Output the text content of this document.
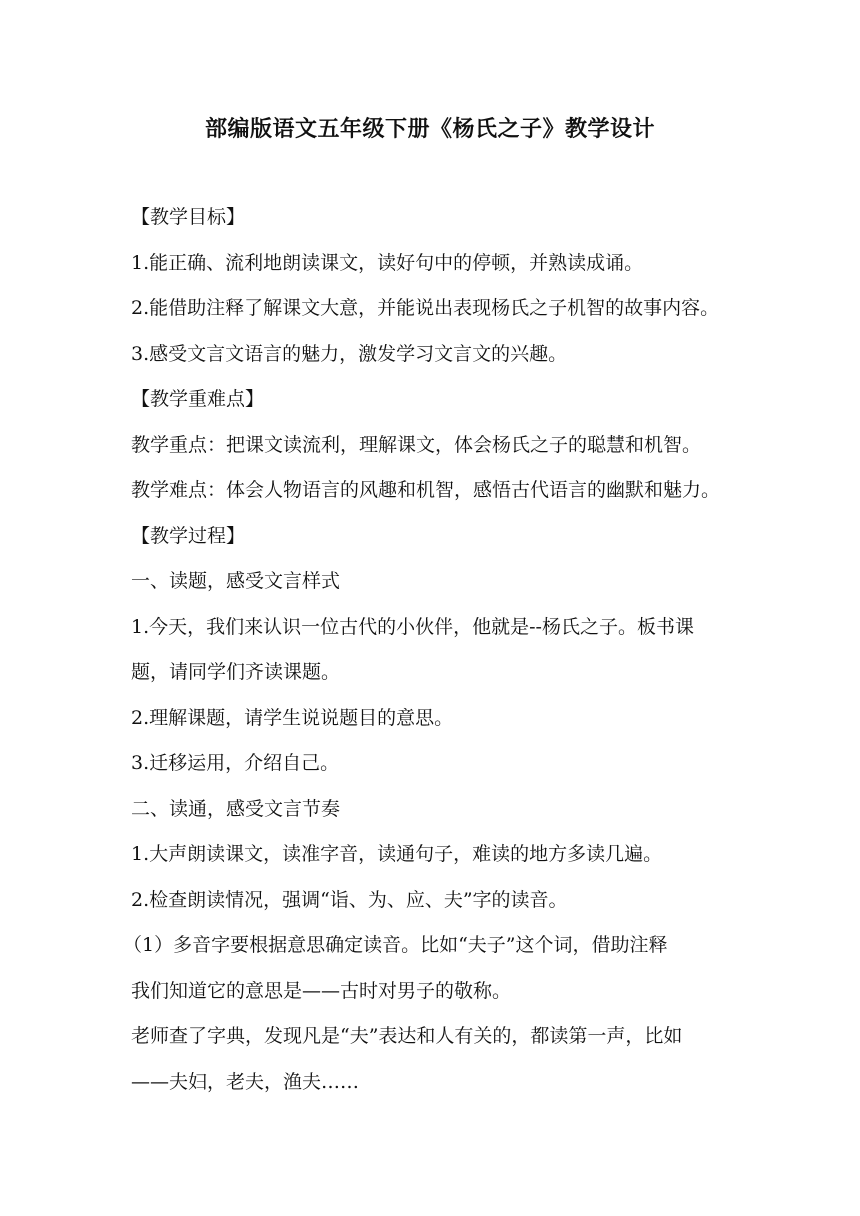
部编版语文五年级下册《杨氏之子》教学设计

【教学目标】

1.能正确、流利地朗读课文，读好句中的停顿，并熟读成诵。

2.能借助注释了解课文大意，并能说出表现杨氏之子机智的故事内容。

3.感受文言文语言的魅力，激发学习文言文的兴趣。

【教学重难点】

教学重点：把课文读流利，理解课文，体会杨氏之子的聪慧和机智。

教学难点：体会人物语言的风趣和机智，感悟古代语言的幽默和魅力。

【教学过程】

一、读题，感受文言样式

1.今天，我们来认识一位古代的小伙伴，他就是--杨氏之子。板书课

题，请同学们齐读课题。

2.理解课题，请学生说说题目的意思。

3.迁移运用，介绍自己。

二、读通，感受文言节奏

1.大声朗读课文，读准字音，读通句子，难读的地方多读几遍。

2.检查朗读情况，强调“诣、为、应、夫”字的读音。

（1）多音字要根据意思确定读音。比如“夫子”这个词，借助注释

我们知道它的意思是——古时对男子的敬称。

老师查了字典，发现凡是“夫”表达和人有关的，都读第一声，比如

——夫妇，老夫，渔夫……
